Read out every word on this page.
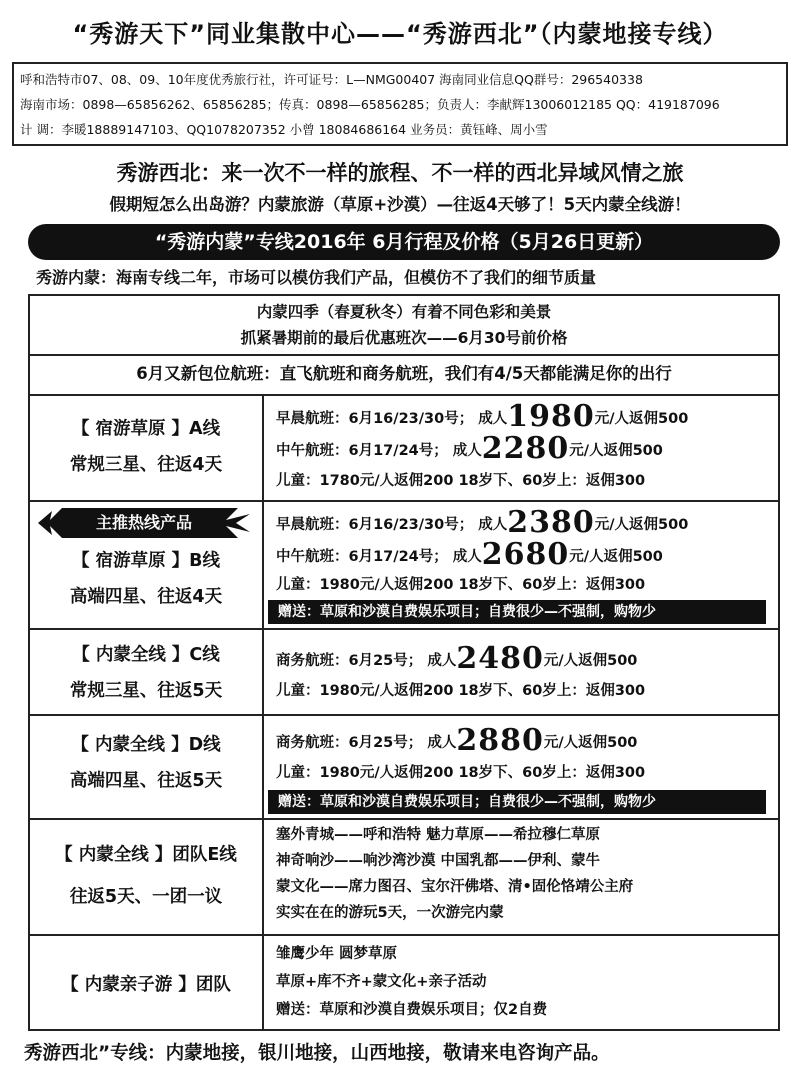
“秀游天下”同业集散中心——“秀游西北”（内蒙地接专线）
呼和浩特市07、08、09、10年度优秀旅行社，许可证号：L—NMG00407 海南同业信息QQ群号：296540338
海南市场：0898—65856262、65856285；传真：0898—65856285；负责人：李献辉13006012185 QQ：419187096
计 调：李暖18889147103、QQ1078207352 小曾 18084686164 业务员：黄钰峰、周小雪
秀游西北：来一次不一样的旅程、不一样的西北异域风情之旅
假期短怎么出岛游？内蒙旅游（草原+沙漠）—往返4天够了！5天内蒙全线游！
“秀游内蒙”专线2016年 6月行程及价格（5月26日更新）
秀游内蒙：海南专线二年，市场可以模仿我们产品，但模仿不了我们的细节质量
内蒙四季（春夏秋冬）有着不同色彩和美景
抓紧暑期前的最后优惠班次——6月30号前价格
6月又新包位航班：直飞航班和商务航班，我们有4/5天都能满足你的出行
【 宿游草原 】A线
常规三星、往返4天
早晨航班：6月16/23/30号； 成人1980元/人返佣500
中午航班：6月17/24号； 成人2280元/人返佣500
儿童：1780元/人返佣200 18岁下、60岁上：返佣300
主推热线产品
【 宿游草原 】B线
高端四星、往返4天
早晨航班：6月16/23/30号； 成人2380元/人返佣500
中午航班：6月17/24号； 成人2680元/人返佣500
儿童：1980元/人返佣200 18岁下、60岁上：返佣300
赠送：草原和沙漠自费娱乐项目；自费很少—不强制，购物少
【 内蒙全线 】C线
常规三星、往返5天
商务航班：6月25号； 成人2480元/人返佣500
儿童：1980元/人返佣200 18岁下、60岁上：返佣300
【 内蒙全线 】D线
高端四星、往返5天
商务航班：6月25号； 成人2880元/人返佣500
儿童：1980元/人返佣200 18岁下、60岁上：返佣300
赠送：草原和沙漠自费娱乐项目；自费很少—不强制，购物少
【 内蒙全线 】团队E线
往返5天、一团一议
塞外青城——呼和浩特 魅力草原——希拉穆仁草原
神奇响沙——响沙湾沙漠 中国乳都——伊利、蒙牛
蒙文化——席力图召、宝尔汗佛塔、清•固伦恪靖公主府
实实在在的游玩5天，一次游完内蒙
【 内蒙亲子游 】团队
雏鹰少年 圆梦草原
草原+库不齐+蒙文化+亲子活动
赠送：草原和沙漠自费娱乐项目；仅2自费
秀游西北”专线：内蒙地接，银川地接，山西地接，敬请来电咨询产品。
